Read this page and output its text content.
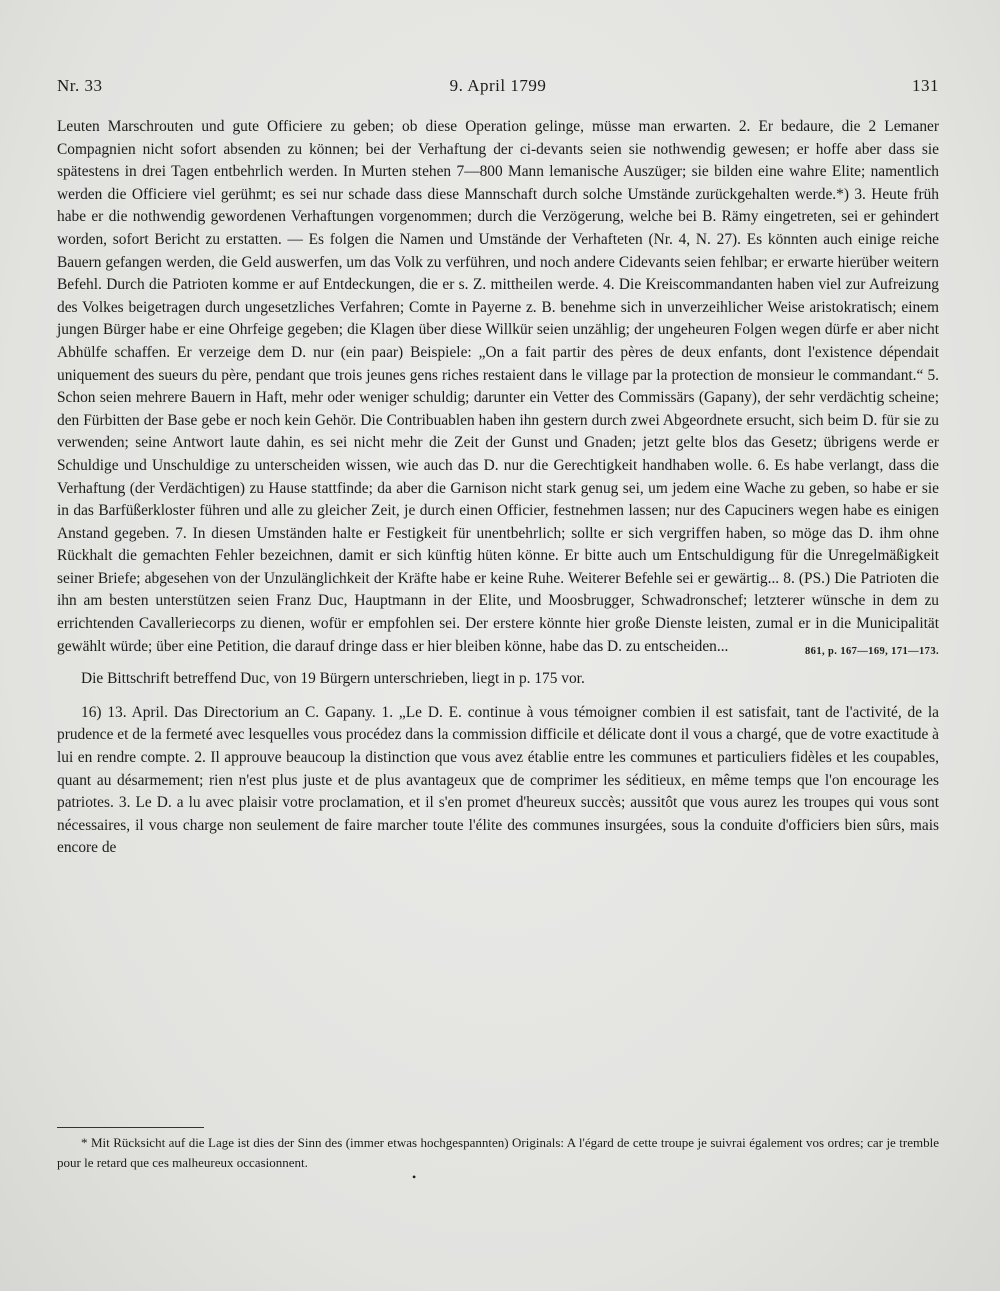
Nr. 33	9. April 1799	131

Leuten Marschrouten und gute Officiere zu geben; ob diese Operation gelinge, müsse man erwarten. 2. Er bedaure, die 2 Lemaner Compagnien nicht sofort absenden zu können; bei der Verhaftung der ci-devants seien sie nothwendig gewesen; er hoffe aber dass sie spätestens in drei Tagen entbehrlich werden. In Murten stehen 7—800 Mann lemanische Auszüger; sie bilden eine wahre Elite; namentlich werden die Officiere viel gerühmt; es sei nur schade dass diese Mannschaft durch solche Umstände zurückgehalten werde.*) 3. Heute früh habe er die nothwendig gewordenen Verhaftungen vorgenommen; durch die Verzögerung, welche bei B. Rämy eingetreten, sei er gehindert worden, sofort Bericht zu erstatten. — Es folgen die Namen und Umstände der Verhafteten (Nr. 4, N. 27). Es könnten auch einige reiche Bauern gefangen werden, die Geld auswerfen, um das Volk zu verführen, und noch andere Cidevants seien fehlbar; er erwarte hierüber weitern Befehl. Durch die Patrioten komme er auf Entdeckungen, die er s. Z. mittheilen werde. 4. Die Kreiscommandanten haben viel zur Aufreizung des Volkes beigetragen durch ungesetzliches Verfahren; Comte in Payerne z. B. benehme sich in unverzeihlicher Weise aristokratisch; einem jungen Bürger habe er eine Ohrfeige gegeben; die Klagen über diese Willkür seien unzählig; der ungeheuren Folgen wegen dürfe er aber nicht Abhülfe schaffen. Er verzeige dem D. nur (ein paar) Beispiele: „On a fait partir des pères de deux enfants, dont l'existence dépendait uniquement des sueurs du père, pendant que trois jeunes gens riches restaient dans le village par la protection de monsieur le commandant.“ 5. Schon seien mehrere Bauern in Haft, mehr oder weniger schuldig; darunter ein Vetter des Commissärs (Gapany), der sehr verdächtig scheine; den Fürbitten der Base gebe er noch kein Gehör. Die Contribuablen haben ihn gestern durch zwei Abgeordnete ersucht, sich beim D. für sie zu verwenden; seine Antwort laute dahin, es sei nicht mehr die Zeit der Gunst und Gnaden; jetzt gelte blos das Gesetz; übrigens werde er Schuldige und Unschuldige zu unterscheiden wissen, wie auch das D. nur die Gerechtigkeit handhaben wolle. 6. Es habe verlangt, dass die Verhaftung (der Verdächtigen) zu Hause stattfinde; da aber die Garnison nicht stark genug sei, um jedem eine Wache zu geben, so habe er sie in das Barfüßerkloster führen und alle zu gleicher Zeit, je durch einen Officier, festnehmen lassen; nur des Capuciners wegen habe es einigen Anstand gegeben. 7. In diesen Umständen halte er Festigkeit für unentbehrlich; sollte er sich vergriffen haben, so möge das D. ihm ohne Rückhalt die gemachten Fehler bezeichnen, damit er sich künftig hüten könne. Er bitte auch um Entschuldigung für die Unregelmäßigkeit seiner Briefe; abgesehen von der Unzulänglichkeit der Kräfte habe er keine Ruhe. Weiterer Befehle sei er gewärtig... 8. (PS.) Die Patrioten die ihn am besten unterstützen seien Franz Duc, Hauptmann in der Elite, und Moosbrugger, Schwadronschef; letzterer wünsche in dem zu errichtenden Cavalleriecorps zu dienen, wofür er empfohlen sei. Der erstere könnte hier große Dienste leisten, zumal er in die Municipalität gewählt würde; über eine Petition, die darauf dringe dass er hier bleiben könne, habe das D. zu entscheiden...	861, p. 167—169, 171—173.

Die Bittschrift betreffend Duc, von 19 Bürgern unterschrieben, liegt in p. 175 vor.

16) 13. April. Das Directorium an C. Gapany. 1. „Le D. E. continue à vous témoigner combien il est satisfait, tant de l'activité, de la prudence et de la fermeté avec lesquelles vous procédez dans la commission difficile et délicate dont il vous a chargé, que de votre exactitude à lui en rendre compte. 2. Il approuve beaucoup la distinction que vous avez établie entre les communes et particuliers fidèles et les coupables, quant au désarmement; rien n'est plus juste et de plus avantageux que de comprimer les séditieux, en même temps que l'on encourage les patriotes. 3. Le D. a lu avec plaisir votre proclamation, et il s'en promet d'heureux succès; aussitôt que vous aurez les troupes qui vous sont nécessaires, il vous charge non seulement de faire marcher toute l'élite des communes insurgées, sous la conduite d'officiers bien sûrs, mais encore de

* Mit Rücksicht auf die Lage ist dies der Sinn des (immer etwas hochgespannten) Originals: A l'égard de cette troupe je suivrai également vos ordres; car je tremble pour le retard que ces malheureux occasionnent.

•
